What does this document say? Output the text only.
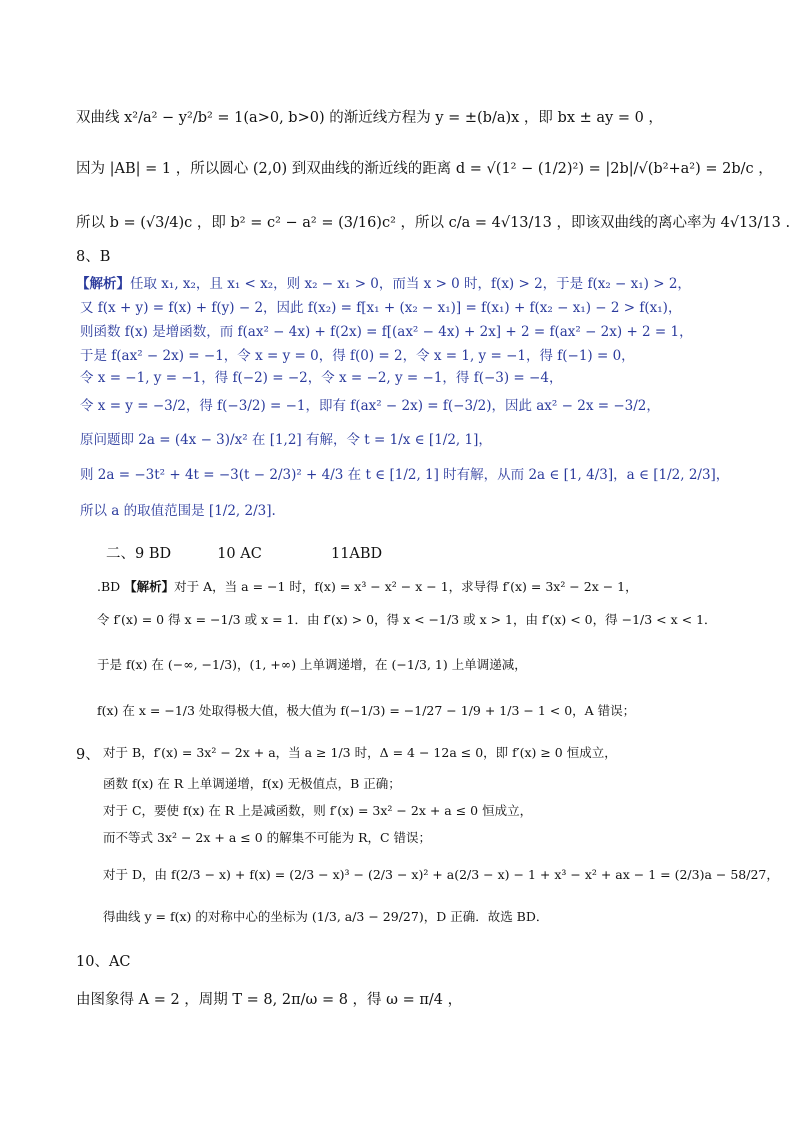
双曲线 x²/a² − y²/b² = 1(a>0, b>0) 的渐近线方程为 y = ±(b/a)x ，即 bx ± ay = 0 ，
因为 |AB| = 1 ，所以圆心 (2,0) 到双曲线的渐近线的距离 d = √(1² − (1/2)²) = |2b|/√(b²+a²) = 2b/c ，
所以 b = (√3/4)c ，即 b² = c² − a² = (3/16)c² ，所以 c/a = 4√13/13 ，即该双曲线的离心率为 4√13/13 .
8、B
【解析】任取 x₁, x₂，且 x₁ < x₂，则 x₂ − x₁ > 0，而当 x > 0 时，f(x) > 2，于是 f(x₂ − x₁) > 2，
又 f(x + y) = f(x) + f(y) − 2，因此 f(x₂) = f[x₁ + (x₂ − x₁)] = f(x₁) + f(x₂ − x₁) − 2 > f(x₁)，
则函数 f(x) 是增函数，而 f(ax² − 4x) + f(2x) = f[(ax² − 4x) + 2x] + 2 = f(ax² − 2x) + 2 = 1，
于是 f(ax² − 2x) = −1，令 x = y = 0，得 f(0) = 2，令 x = 1, y = −1，得 f(−1) = 0，
令 x = −1, y = −1，得 f(−2) = −2，令 x = −2, y = −1，得 f(−3) = −4，
令 x = y = −3/2，得 f(−3/2) = −1，即有 f(ax² − 2x) = f(−3/2)，因此 ax² − 2x = −3/2，
原问题即 2a = (4x − 3)/x² 在 [1,2] 有解，令 t = 1/x ∈ [1/2, 1]，
则 2a = −3t² + 4t = −3(t − 2/3)² + 4/3 在 t ∈ [1/2, 1] 时有解，从而 2a ∈ [1, 4/3]，a ∈ [1/2, 2/3]，
所以 a 的取值范围是 [1/2, 2/3].
二、9 BD          10 AC               11ABD
.BD 【解析】对于 A，当 a = −1 时，f(x) = x³ − x² − x − 1，求导得 f′(x) = 3x² − 2x − 1，
令 f′(x) = 0 得 x = −1/3 或 x = 1．由 f′(x) > 0，得 x < −1/3 或 x > 1，由 f′(x) < 0，得 −1/3 < x < 1．
于是 f(x) 在 (−∞, −1/3)，(1, +∞) 上单调递增，在 (−1/3, 1) 上单调递减，
f(x) 在 x = −1/3 处取得极大值，极大值为 f(−1/3) = −1/27 − 1/9 + 1/3 − 1 < 0，A 错误；
9、 对于 B，f′(x) = 3x² − 2x + a，当 a ≥ 1/3 时，Δ = 4 − 12a ≤ 0，即 f′(x) ≥ 0 恒成立，
函数 f(x) 在 R 上单调递增，f(x) 无极值点，B 正确；
对于 C，要使 f(x) 在 R 上是减函数，则 f′(x) = 3x² − 2x + a ≤ 0 恒成立，
而不等式 3x² − 2x + a ≤ 0 的解集不可能为 R，C 错误；
对于 D，由 f(2/3 − x) + f(x) = (2/3 − x)³ − (2/3 − x)² + a(2/3 − x) − 1 + x³ − x² + ax − 1 = (2/3)a − 58/27，
得曲线 y = f(x) 的对称中心的坐标为 (1/3, a/3 − 29/27)，D 正确．故选 BD．
10、AC
由图象得 A = 2 ，周期 T = 8, 2π/ω = 8 ，得 ω = π/4 ，
